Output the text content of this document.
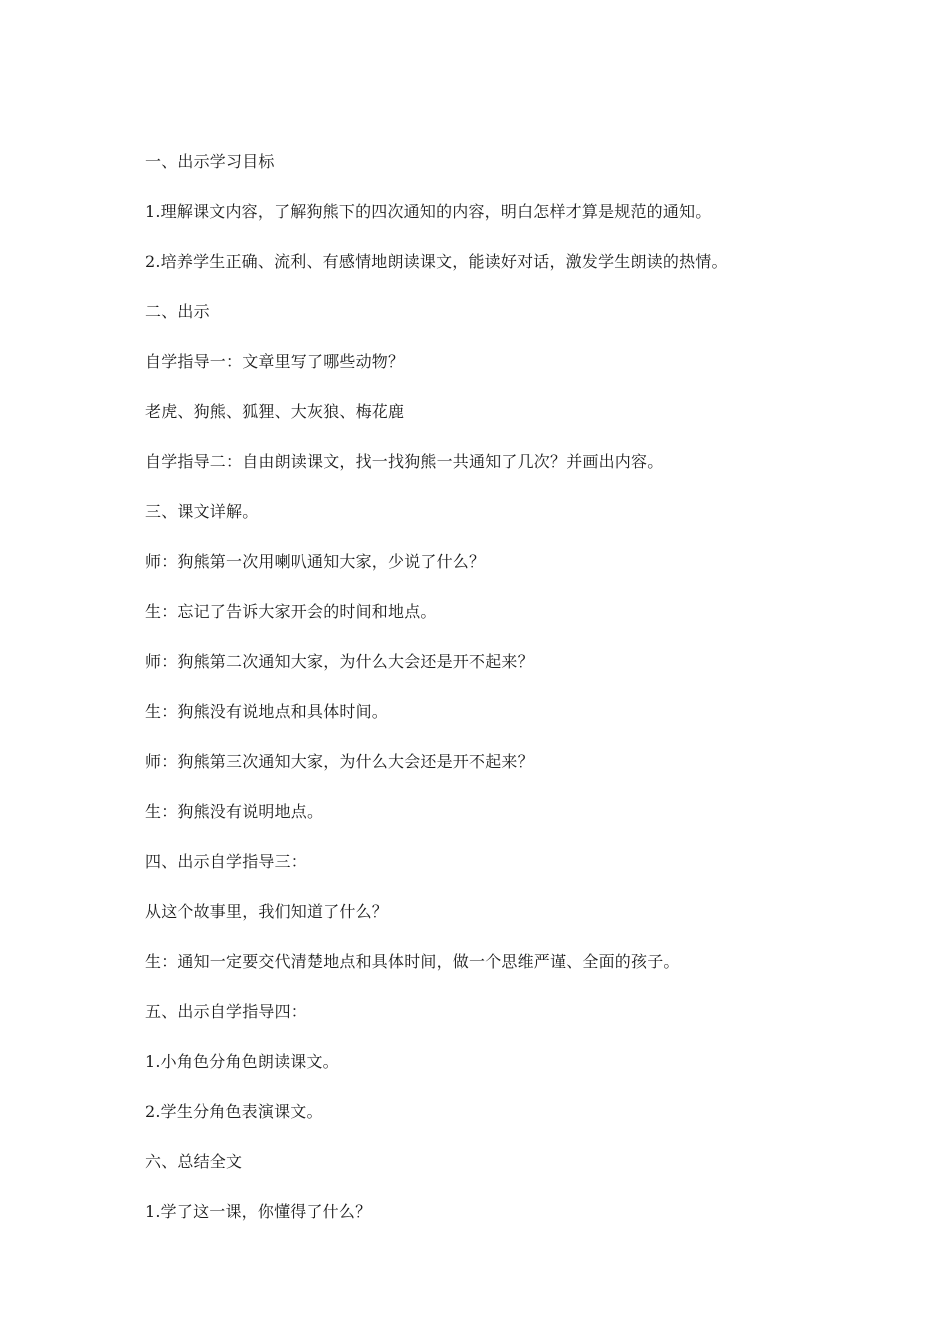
一、出示学习目标

1.理解课文内容，了解狗熊下的四次通知的内容，明白怎样才算是规范的通知。

2.培养学生正确、流利、有感情地朗读课文，能读好对话，激发学生朗读的热情。

二、出示

自学指导一：文章里写了哪些动物？

老虎、狗熊、狐狸、大灰狼、梅花鹿

自学指导二：自由朗读课文，找一找狗熊一共通知了几次？并画出内容。

三、课文详解。

师：狗熊第一次用喇叭通知大家，少说了什么？

生：忘记了告诉大家开会的时间和地点。

师：狗熊第二次通知大家，为什么大会还是开不起来？

生：狗熊没有说地点和具体时间。

师：狗熊第三次通知大家，为什么大会还是开不起来？

生：狗熊没有说明地点。

四、出示自学指导三：

从这个故事里，我们知道了什么？

生：通知一定要交代清楚地点和具体时间，做一个思维严谨、全面的孩子。

五、出示自学指导四：

1.小角色分角色朗读课文。

2.学生分角色表演课文。

六、总结全文

1.学了这一课，你懂得了什么？
